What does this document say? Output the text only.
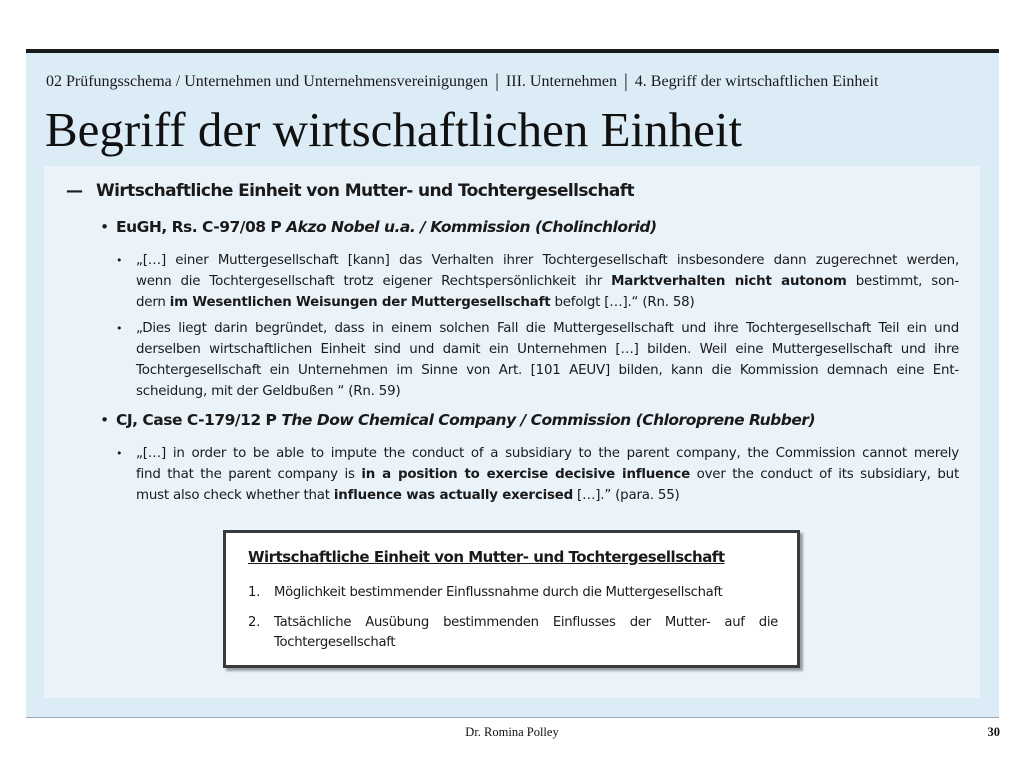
02 Prüfungsschema / Unternehmen und Unternehmensvereinigungen | III. Unternehmen | 4. Begriff der wirtschaftlichen Einheit
Begriff der wirtschaftlichen Einheit
— Wirtschaftliche Einheit von Mutter- und Tochtergesellschaft
• EuGH, Rs. C-97/08 P Akzo Nobel u.a. / Kommission (Cholinchlorid)
• „[…] einer Muttergesellschaft [kann] das Verhalten ihrer Tochtergesellschaft insbesondere dann zugerechnet werden,
wenn die Tochtergesellschaft trotz eigener Rechtspersönlichkeit ihr Marktverhalten nicht autonom bestimmt, son-
dern im Wesentlichen Weisungen der Muttergesellschaft befolgt […].“ (Rn. 58)
• „Dies liegt darin begründet, dass in einem solchen Fall die Muttergesellschaft und ihre Tochtergesellschaft Teil ein und
derselben wirtschaftlichen Einheit sind und damit ein Unternehmen […] bilden. Weil eine Muttergesellschaft und ihre
Tochtergesellschaft ein Unternehmen im Sinne von Art. [101 AEUV] bilden, kann die Kommission demnach eine Ent-
scheidung, mit der Geldbußen “ (Rn. 59)
• CJ, Case C-179/12 P The Dow Chemical Company / Commission (Chloroprene Rubber)
• „[…] in order to be able to impute the conduct of a subsidiary to the parent company, the Commission cannot merely
find that the parent company is in a position to exercise decisive influence over the conduct of its subsidiary, but
must also check whether that influence was actually exercised […].” (para. 55)
Wirtschaftliche Einheit von Mutter- und Tochtergesellschaft
1. Möglichkeit bestimmender Einflussnahme durch die Muttergesellschaft
2. Tatsächliche Ausübung bestimmenden Einflusses der Mutter- auf die
Tochtergesellschaft
Dr. Romina Polley	30
